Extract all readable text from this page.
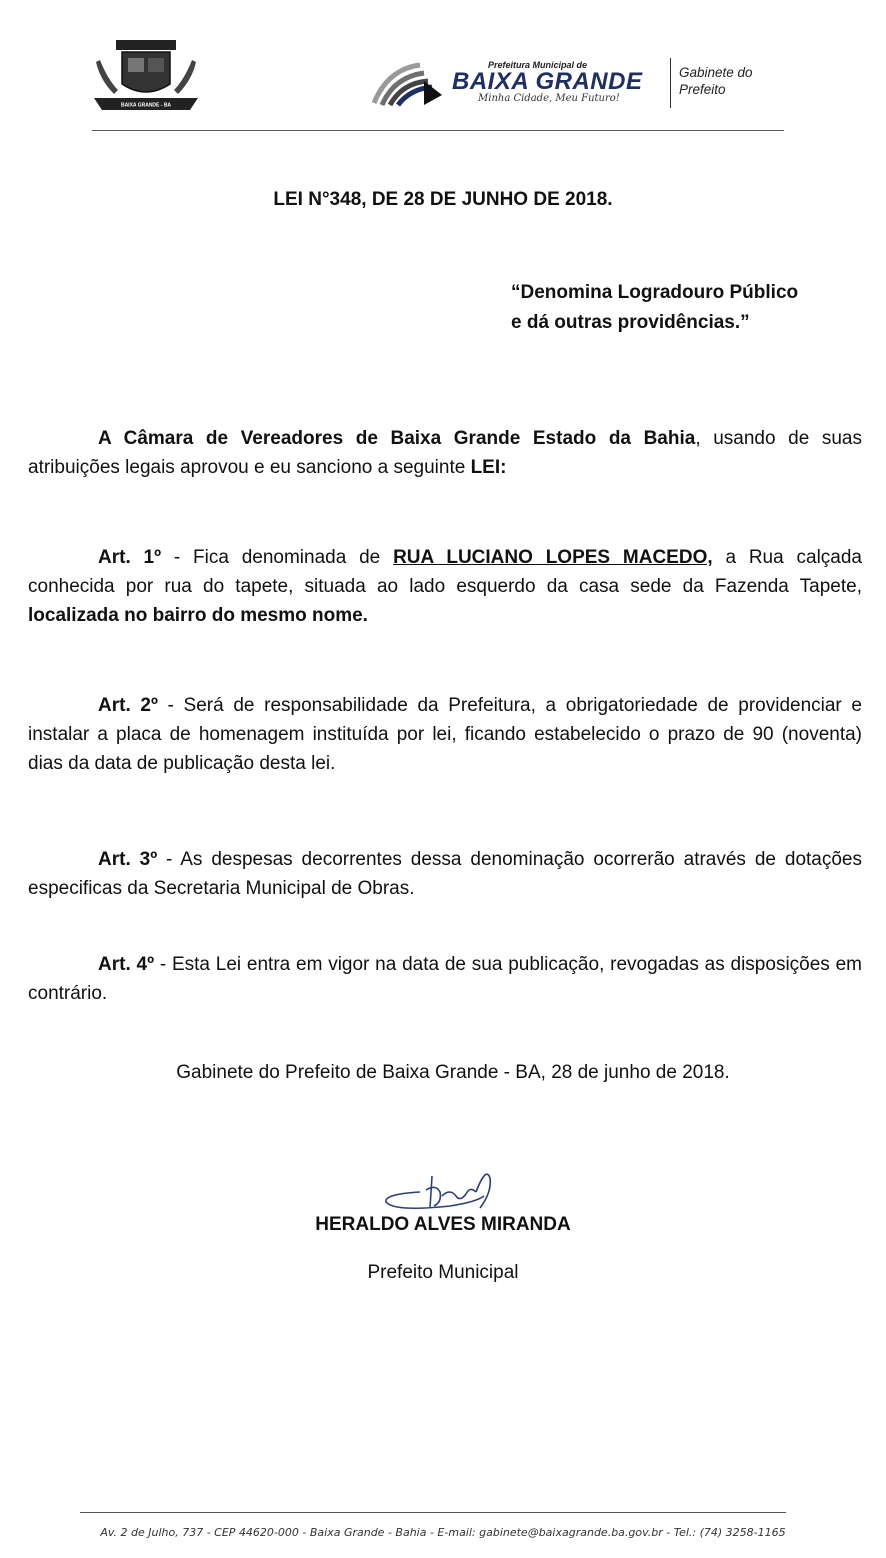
BAIXA GRANDE - BA
Prefeitura Municipal de
BAIXA GRANDE
Minha Cidade, Meu Futuro!
Gabinete do
Prefeito
LEI N°348, DE 28 DE JUNHO DE 2018.
“Denomina Logradouro Público
e dá outras providências.”
A Câmara de Vereadores de Baixa Grande Estado da Bahia, usando de suas atribuições legais aprovou e eu sanciono a seguinte LEI:
Art. 1º - Fica denominada de RUA LUCIANO LOPES MACEDO, a Rua calçada conhecida por rua do tapete, situada ao lado esquerdo da casa sede da Fazenda Tapete, localizada no bairro do mesmo nome.
Art. 2º - Será de responsabilidade da Prefeitura, a obrigatoriedade de providenciar e instalar a placa de homenagem instituída por lei, ficando estabelecido o prazo de 90 (noventa) dias da data de publicação desta lei.
Art. 3º - As despesas decorrentes dessa denominação ocorrerão através de dotações especificas da Secretaria Municipal de Obras.
Art. 4º - Esta Lei entra em vigor na data de sua publicação, revogadas as disposições em contrário.
Gabinete do Prefeito de Baixa Grande - BA, 28 de junho de 2018.
HERALDO ALVES MIRANDA
Prefeito Municipal
Av. 2 de Julho, 737 - CEP 44620-000 - Baixa Grande - Bahia - E-mail: gabinete@baixagrande.ba.gov.br - Tel.: (74) 3258-1165
